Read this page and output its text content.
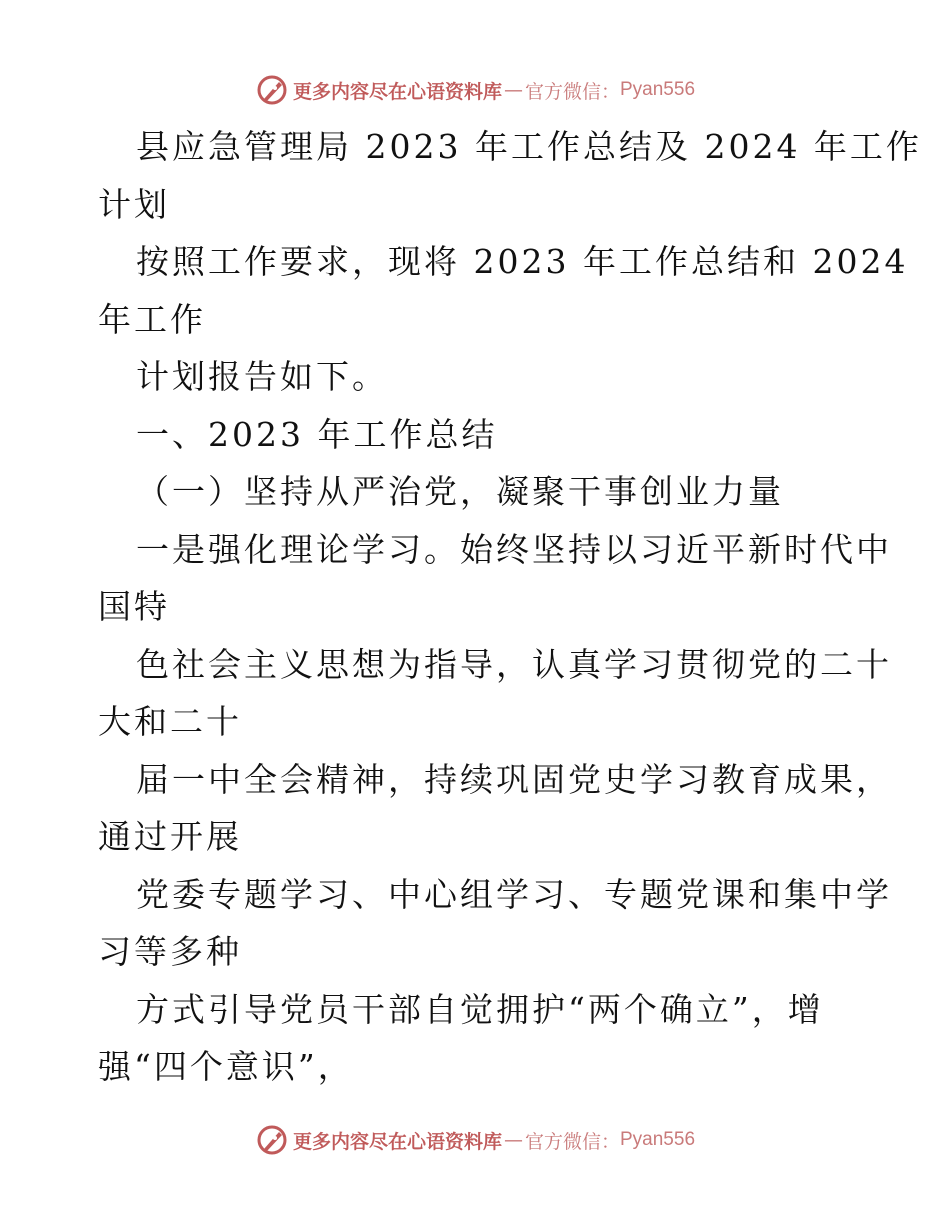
更多内容尽在心语资料库 — 官方微信： Pyan556
县应急管理局 2023 年工作总结及 2024 年工作
计划
按照工作要求，现将 2023 年工作总结和 2024
年工作
计划报告如下。
一、2023 年工作总结
（一）坚持从严治党，凝聚干事创业力量
一是强化理论学习。始终坚持以习近平新时代中
国特
色社会主义思想为指导，认真学习贯彻党的二十
大和二十
届一中全会精神，持续巩固党史学习教育成果，
通过开展
党委专题学习、中心组学习、专题党课和集中学
习等多种
方式引导党员干部自觉拥护“两个确立”，增
强“四个意识”，
更多内容尽在心语资料库 — 官方微信： Pyan556
